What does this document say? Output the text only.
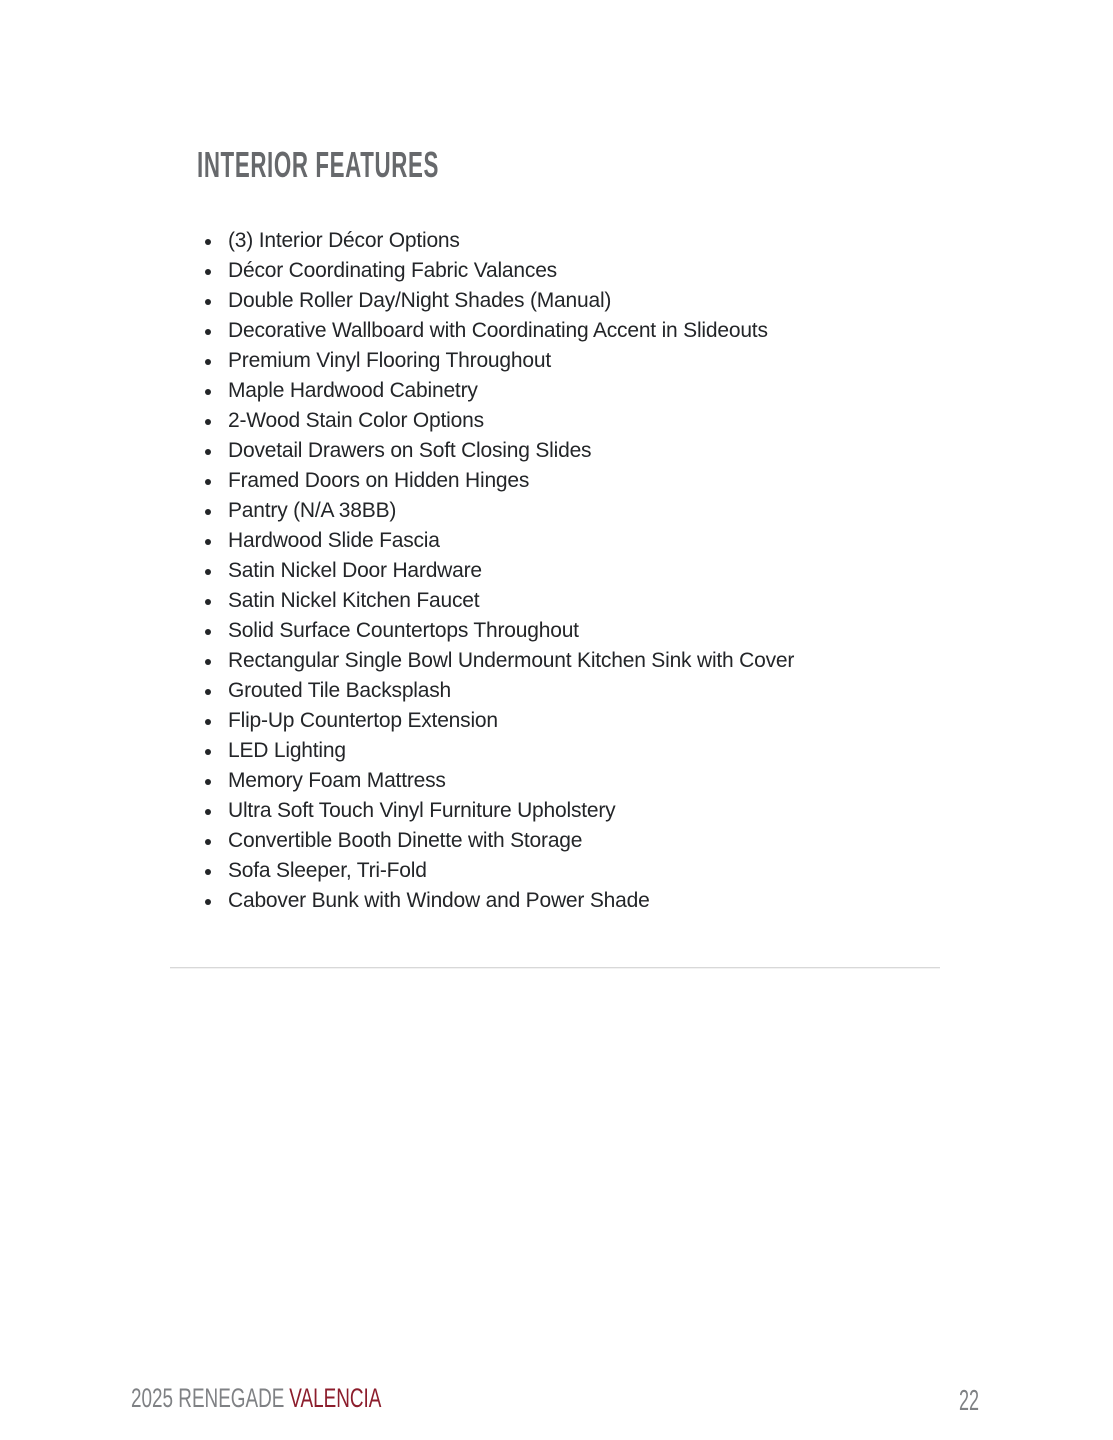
INTERIOR FEATURES
(3) Interior Décor Options
Décor Coordinating Fabric Valances
Double Roller Day/Night Shades (Manual)
Decorative Wallboard with Coordinating Accent in Slideouts
Premium Vinyl Flooring Throughout
Maple Hardwood Cabinetry
2-Wood Stain Color Options
Dovetail Drawers on Soft Closing Slides
Framed Doors on Hidden Hinges
Pantry (N/A 38BB)
Hardwood Slide Fascia
Satin Nickel Door Hardware
Satin Nickel Kitchen Faucet
Solid Surface Countertops Throughout
Rectangular Single Bowl Undermount Kitchen Sink with Cover
Grouted Tile Backsplash
Flip-Up Countertop Extension
LED Lighting
Memory Foam Mattress
Ultra Soft Touch Vinyl Furniture Upholstery
Convertible Booth Dinette with Storage
Sofa Sleeper, Tri-Fold
Cabover Bunk with Window and Power Shade
2025 RENEGADE VALENCIA	22
